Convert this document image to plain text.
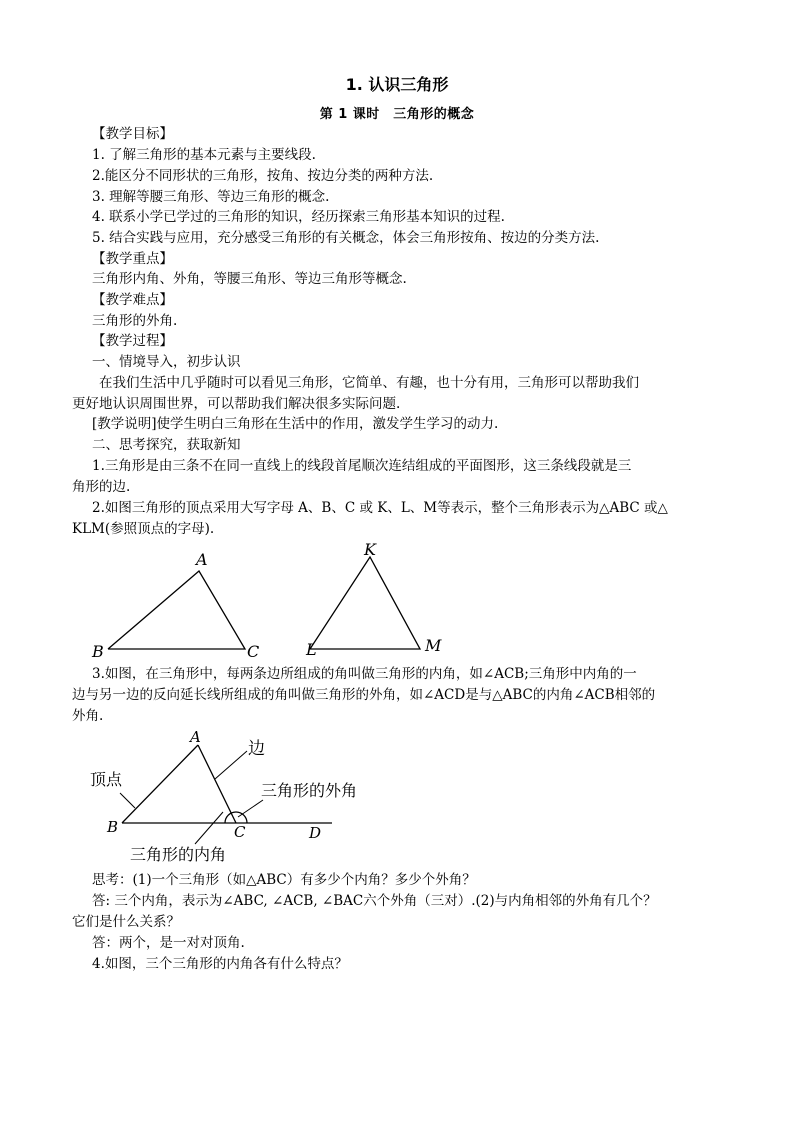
1. 认识三角形
第 1 课时　三角形的概念
【教学目标】
1. 了解三角形的基本元素与主要线段.
2.能区分不同形状的三角形，按角、按边分类的两种方法.
3. 理解等腰三角形、等边三角形的概念.
4. 联系小学已学过的三角形的知识，经历探索三角形基本知识的过程.
5. 结合实践与应用，充分感受三角形的有关概念，体会三角形按角、按边的分类方法.
【教学重点】
三角形内角、外角，等腰三角形、等边三角形等概念.
【教学难点】
三角形的外角.
【教学过程】
一、情境导入，初步认识
　　在我们生活中几乎随时可以看见三角形，它简单、有趣，也十分有用，三角形可以帮助我们
更好地认识周围世界，可以帮助我们解决很多实际问题.
[教学说明]使学生明白三角形在生活中的作用，激发学生学习的动力.
二、思考探究，获取新知
1.三角形是由三条不在同一直线上的线段首尾顺次连结组成的平面图形，这三条线段就是三
角形的边.
2.如图三角形的顶点采用大写字母 A、B、C 或 K、L、M等表示，整个三角形表示为△ABC 或△
KLM(参照顶点的字母).
A
B	C
K
L	M
3.如图，在三角形中，每两条边所组成的角叫做三角形的内角，如∠ACB;三角形中内角的一
边与另一边的反向延长线所组成的角叫做三角形的外角，如∠ACD是与△ABC的内角∠ACB相邻的
外角.
A
B	C	D
边
顶点
三角形的外角
三角形的内角
思考：(1)一个三角形（如△ABC）有多少个内角？多少个外角？
答: 三个内角，表示为∠ABC, ∠ACB, ∠BAC六个外角（三对）.(2)与内角相邻的外角有几个？
它们是什么关系？
答：两个，是一对对顶角.
4.如图，三个三角形的内角各有什么特点？
